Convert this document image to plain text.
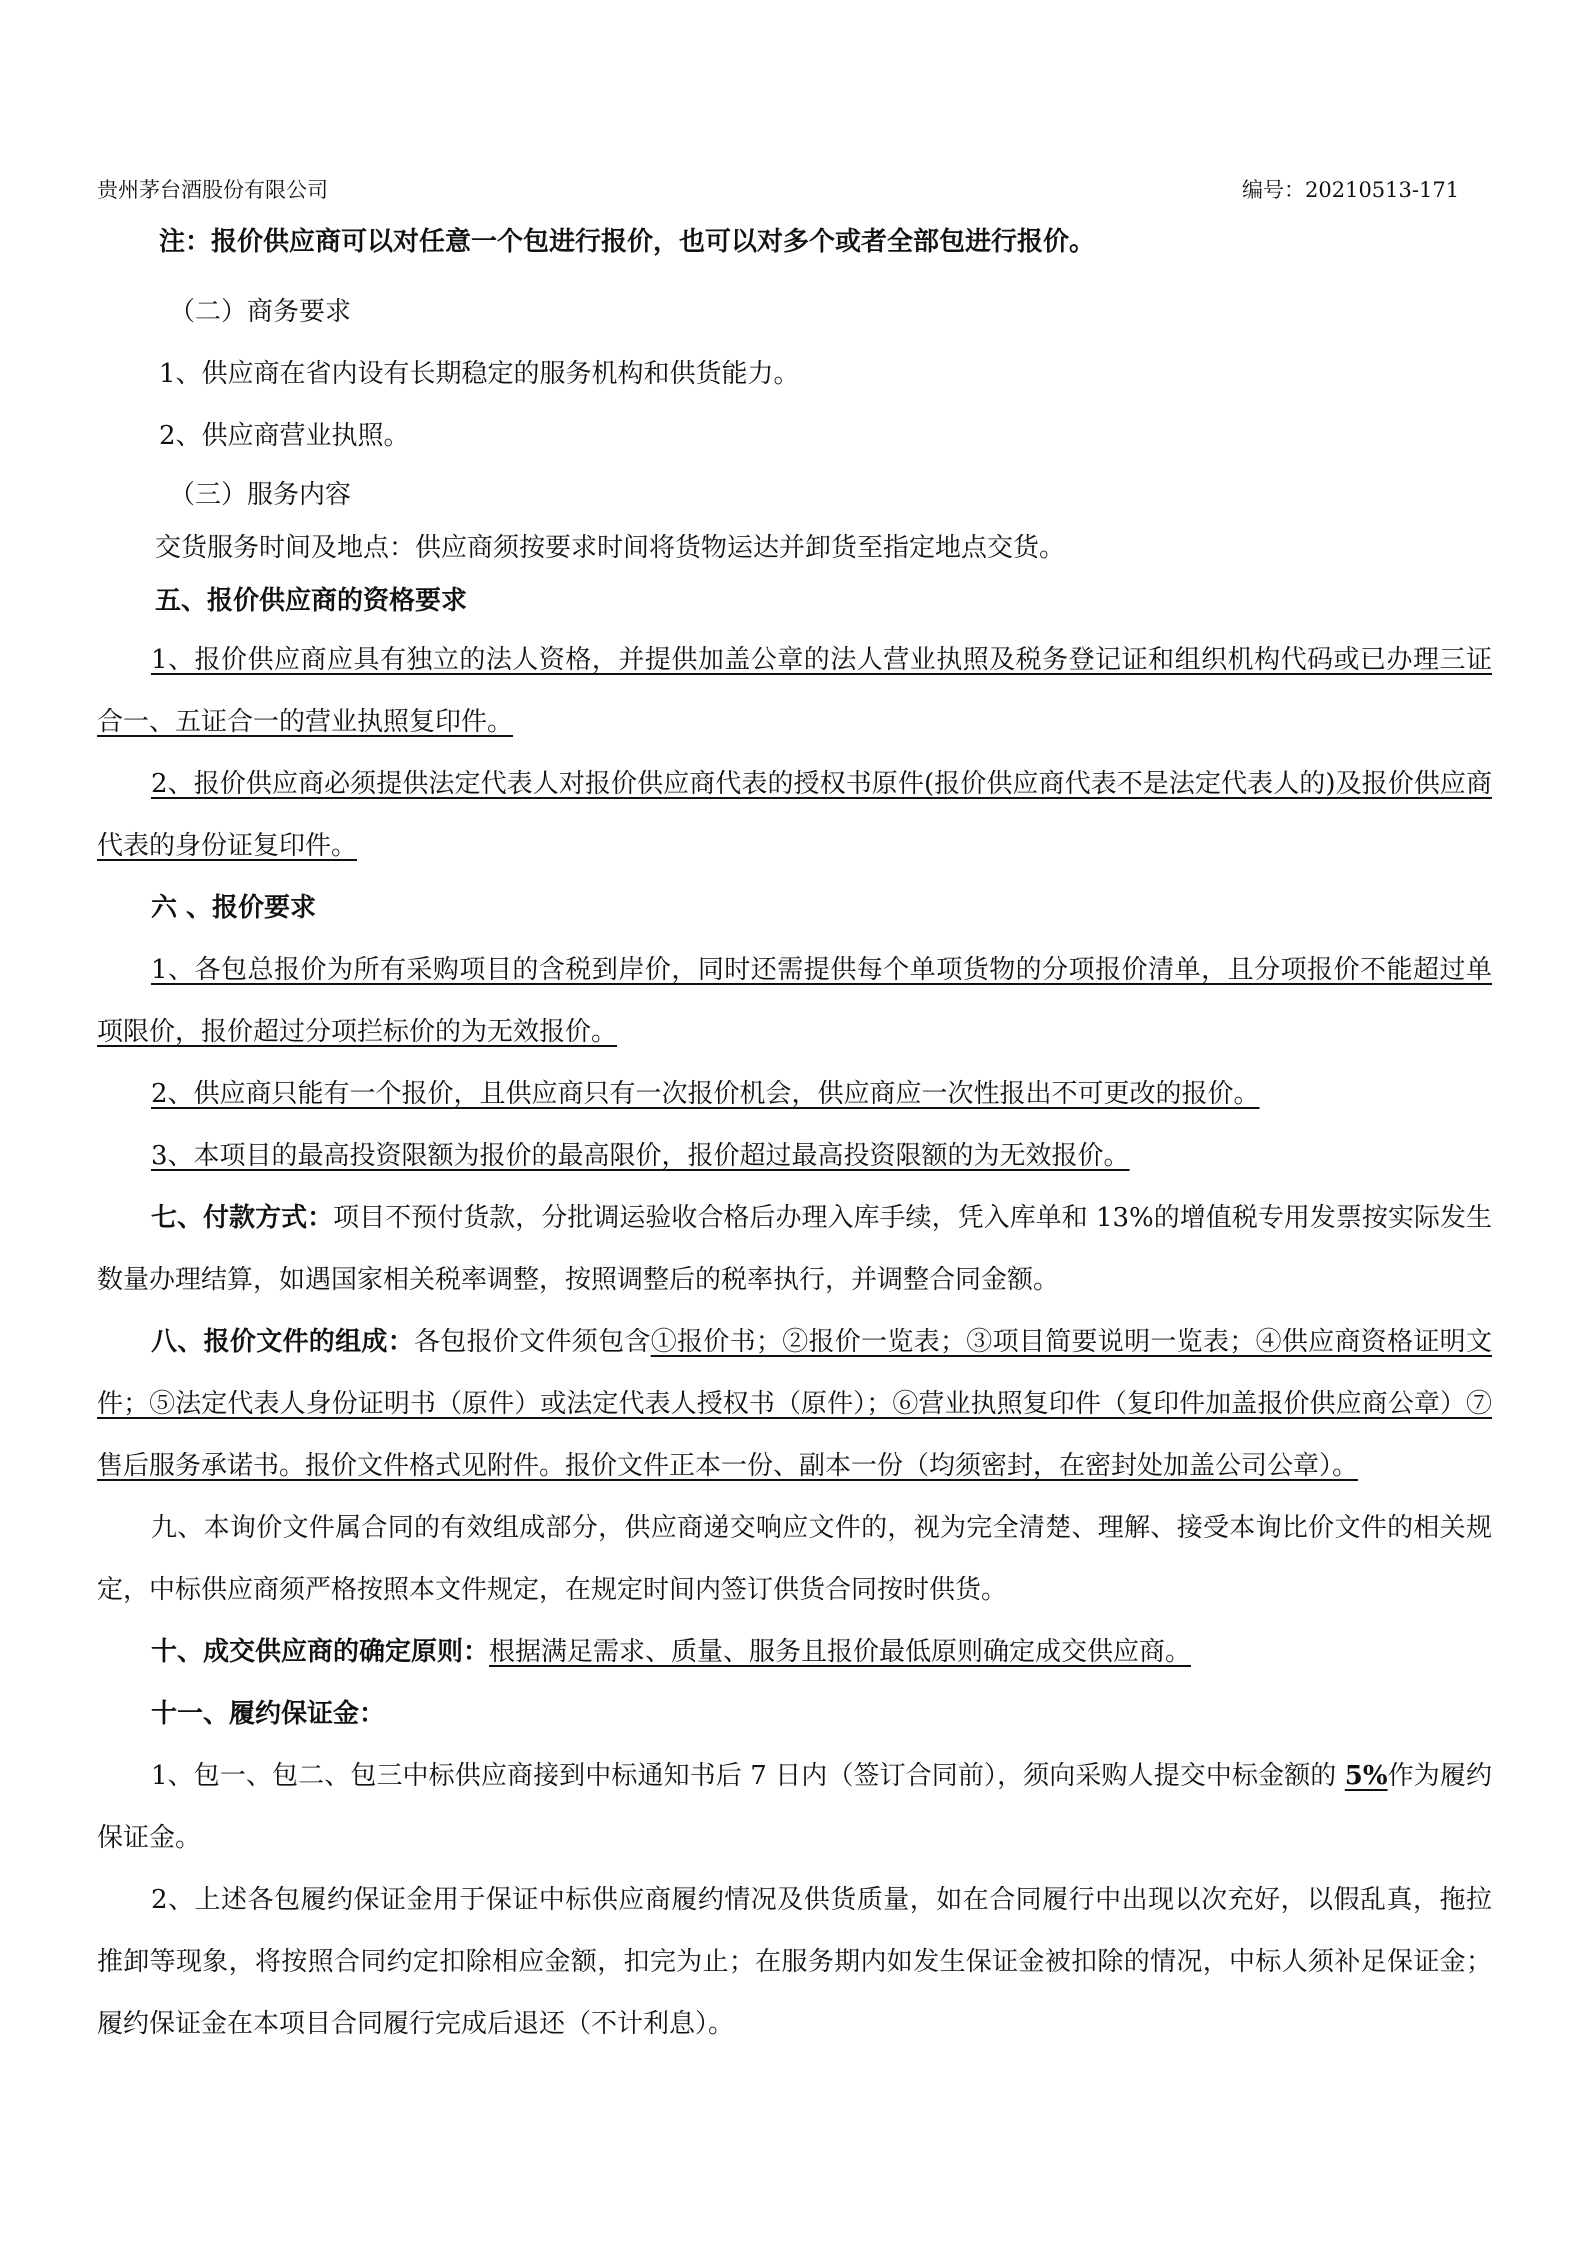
贵州茅台酒股份有限公司	编号：20210513-171

注：报价供应商可以对任意一个包进行报价，也可以对多个或者全部包进行报价。

（二）商务要求

1、供应商在省内设有长期稳定的服务机构和供货能力。

2、供应商营业执照。

（三）服务内容

交货服务时间及地点：供应商须按要求时间将货物运达并卸货至指定地点交货。

五、报价供应商的资格要求

1、报价供应商应具有独立的法人资格，并提供加盖公章的法人营业执照及税务登记证和组织机构代码或已办理三证合一、五证合一的营业执照复印件。

2、报价供应商必须提供法定代表人对报价供应商代表的授权书原件(报价供应商代表不是法定代表人的)及报价供应商代表的身份证复印件。

六 、报价要求

1、各包总报价为所有采购项目的含税到岸价，同时还需提供每个单项货物的分项报价清单，且分项报价不能超过单项限价，报价超过分项拦标价的为无效报价。

2、供应商只能有一个报价，且供应商只有一次报价机会，供应商应一次性报出不可更改的报价。

3、本项目的最高投资限额为报价的最高限价，报价超过最高投资限额的为无效报价。

七、付款方式：项目不预付货款，分批调运验收合格后办理入库手续，凭入库单和 13%的增值税专用发票按实际发生数量办理结算，如遇国家相关税率调整，按照调整后的税率执行，并调整合同金额。

八、报价文件的组成：各包报价文件须包含①报价书；②报价一览表；③项目简要说明一览表；④供应商资格证明文件；⑤法定代表人身份证明书（原件）或法定代表人授权书（原件）；⑥营业执照复印件（复印件加盖报价供应商公章）⑦售后服务承诺书。报价文件格式见附件。报价文件正本一份、副本一份（均须密封，在密封处加盖公司公章）。

九、本询价文件属合同的有效组成部分，供应商递交响应文件的，视为完全清楚、理解、接受本询比价文件的相关规定，中标供应商须严格按照本文件规定，在规定时间内签订供货合同按时供货。

十、成交供应商的确定原则：根据满足需求、质量、服务且报价最低原则确定成交供应商。

十一、履约保证金：

1、包一、包二、包三中标供应商接到中标通知书后 7 日内（签订合同前），须向采购人提交中标金额的 5%作为履约保证金。

2、上述各包履约保证金用于保证中标供应商履约情况及供货质量，如在合同履行中出现以次充好，以假乱真，拖拉推卸等现象，将按照合同约定扣除相应金额，扣完为止；在服务期内如发生保证金被扣除的情况，中标人须补足保证金；履约保证金在本项目合同履行完成后退还（不计利息）。
